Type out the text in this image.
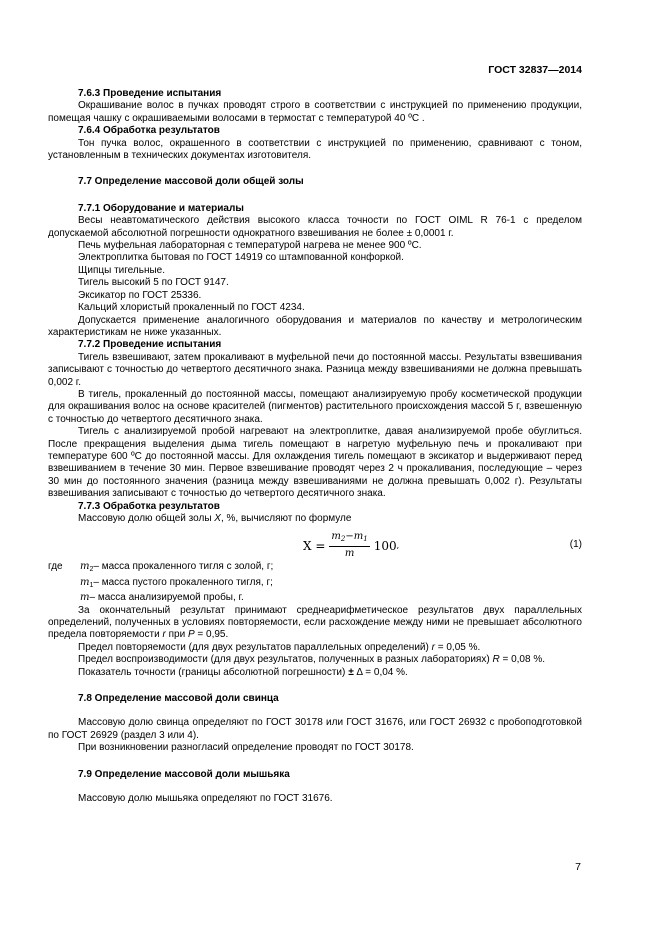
ГОСТ 32837—2014

7.6.3 Проведение испытания

Окрашивание волос в пучках проводят строго в соответствии с инструкцией по применению продукции, помещая чашку с окрашиваемыми волосами в термостат с температурой 40 ºС .

7.6.4 Обработка результатов

Тон пучка волос, окрашенного в соответствии с инструкцией по применению, сравнивают с тоном, установленным в технических документах изготовителя.

7.7 Определение массовой доли общей золы

7.7.1 Оборудование и материалы

Весы неавтоматического действия высокого класса точности по ГОСТ OIML R 76-1 с пределом допускаемой абсолютной погрешности однократного взвешивания не более ± 0,0001 г.

Печь муфельная лабораторная с температурой нагрева не менее 900 ºС.

Электроплитка бытовая по ГОСТ 14919 со штампованной конфоркой.

Щипцы тигельные.

Тигель высокий 5 по ГОСТ 9147.

Эксикатор по ГОСТ 25336.

Кальций хлористый прокаленный по ГОСТ 4234.

Допускается применение аналогичного оборудования и материалов по качеству и метрологическим характеристикам не ниже указанных.

7.7.2 Проведение испытания

Тигель взвешивают, затем прокаливают в муфельной печи до постоянной массы. Результаты взвешивания записывают с точностью до четвертого десятичного знака. Разница между взвешиваниями не должна превышать 0,002 г.

В тигель, прокаленный до постоянной массы, помещают анализируемую пробу косметической продукции для окрашивания волос на основе красителей (пигментов) растительного происхождения массой 5 г, взвешенную с точностью до четвертого десятичного знака.

Тигель с анализируемой пробой нагревают на электроплитке, давая анализируемой пробе обуглиться. После прекращения выделения дыма тигель помещают в нагретую муфельную печь и прокаливают при температуре 600 ºС до постоянной массы. Для охлаждения тигель помещают в эксикатор и выдерживают перед взвешиванием в течение 30 мин. Первое взвешивание проводят через 2 ч прокаливания, последующие – через 30 мин до постоянного значения (разница между взвешиваниями не должна превышать 0,002 г). Результаты взвешивания записывают с точностью до четвертого десятичного знака.

7.7.3 Обработка результатов

Массовую долю общей золы X, %, вычисляют по формуле

$X = \frac{m_2-m_1}{m} 100$ ,	(1)
где	$m_2-$ масса прокаленного тигля с золой, г;

$m_1-$ масса пустого прокаленного тигля, г;

m– масса анализируемой пробы, г.

За окончательный результат принимают среднеарифметическое результатов двух параллельных определений, полученных в условиях повторяемости, если расхождение между ними не превышает абсолютного предела повторяемости r при P = 0,95.

Предел повторяемости (для двух результатов параллельных определений) r = 0,05 %.

Предел воспроизводимости (для двух результатов, полученных в разных лабораториях) R = 0,08 %.

Показатель точности (границы абсолютной погрешности) ± Δ = 0,04 %.

7.8 Определение массовой доли свинца

Массовую долю свинца определяют по ГОСТ 30178 или ГОСТ 31676, или ГОСТ 26932 с пробоподготовкой по ГОСТ 26929 (раздел 3 или 4).

При возникновении разногласий определение проводят по ГОСТ 30178.

7.9 Определение массовой доли мышьяка

Массовую долю мышьяка определяют по ГОСТ 31676.

7
